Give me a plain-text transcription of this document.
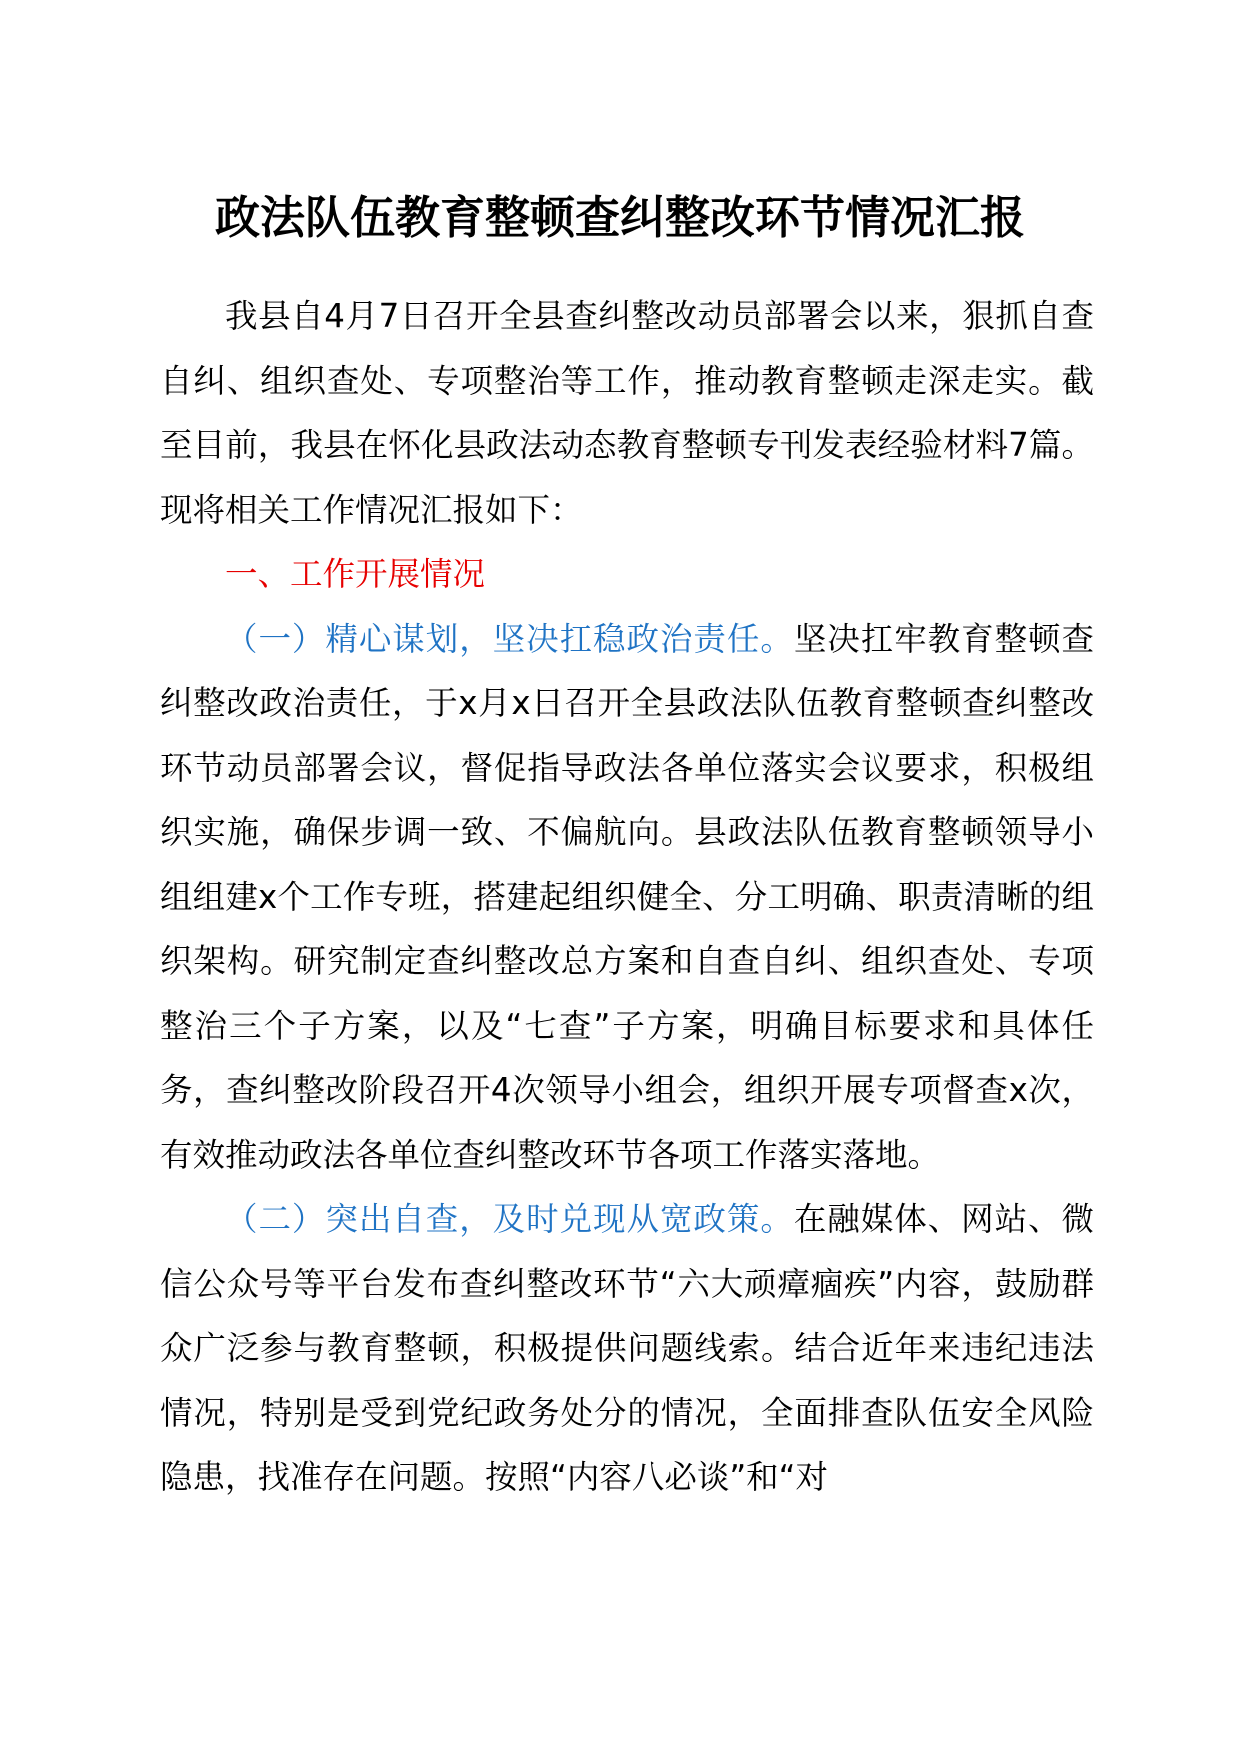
政法队伍教育整顿查纠整改环节情况汇报

我县自4月7日召开全县查纠整改动员部署会以来，狠抓自查自纠、组织查处、专项整治等工作，推动教育整顿走深走实。截至目前，我县在怀化县政法动态教育整顿专刊发表经验材料7篇。现将相关工作情况汇报如下：

一、工作开展情况

（一）精心谋划，坚决扛稳政治责任。坚决扛牢教育整顿查纠整改政治责任，于x月x日召开全县政法队伍教育整顿查纠整改环节动员部署会议，督促指导政法各单位落实会议要求，积极组织实施，确保步调一致、不偏航向。县政法队伍教育整顿领导小组组建x个工作专班，搭建起组织健全、分工明确、职责清晰的组织架构。研究制定查纠整改总方案和自查自纠、组织查处、专项整治三个子方案，以及“七查”子方案，明确目标要求和具体任务，查纠整改阶段召开4次领导小组会，组织开展专项督查x次，有效推动政法各单位查纠整改环节各项工作落实落地。

（二）突出自查，及时兑现从宽政策。在融媒体、网站、微信公众号等平台发布查纠整改环节“六大顽瘴痼疾”内容，鼓励群众广泛参与教育整顿，积极提供问题线索。结合近年来违纪违法情况，特别是受到党纪政务处分的情况，全面排查队伍安全风险隐患，找准存在问题。按照“内容八必谈”和“对
